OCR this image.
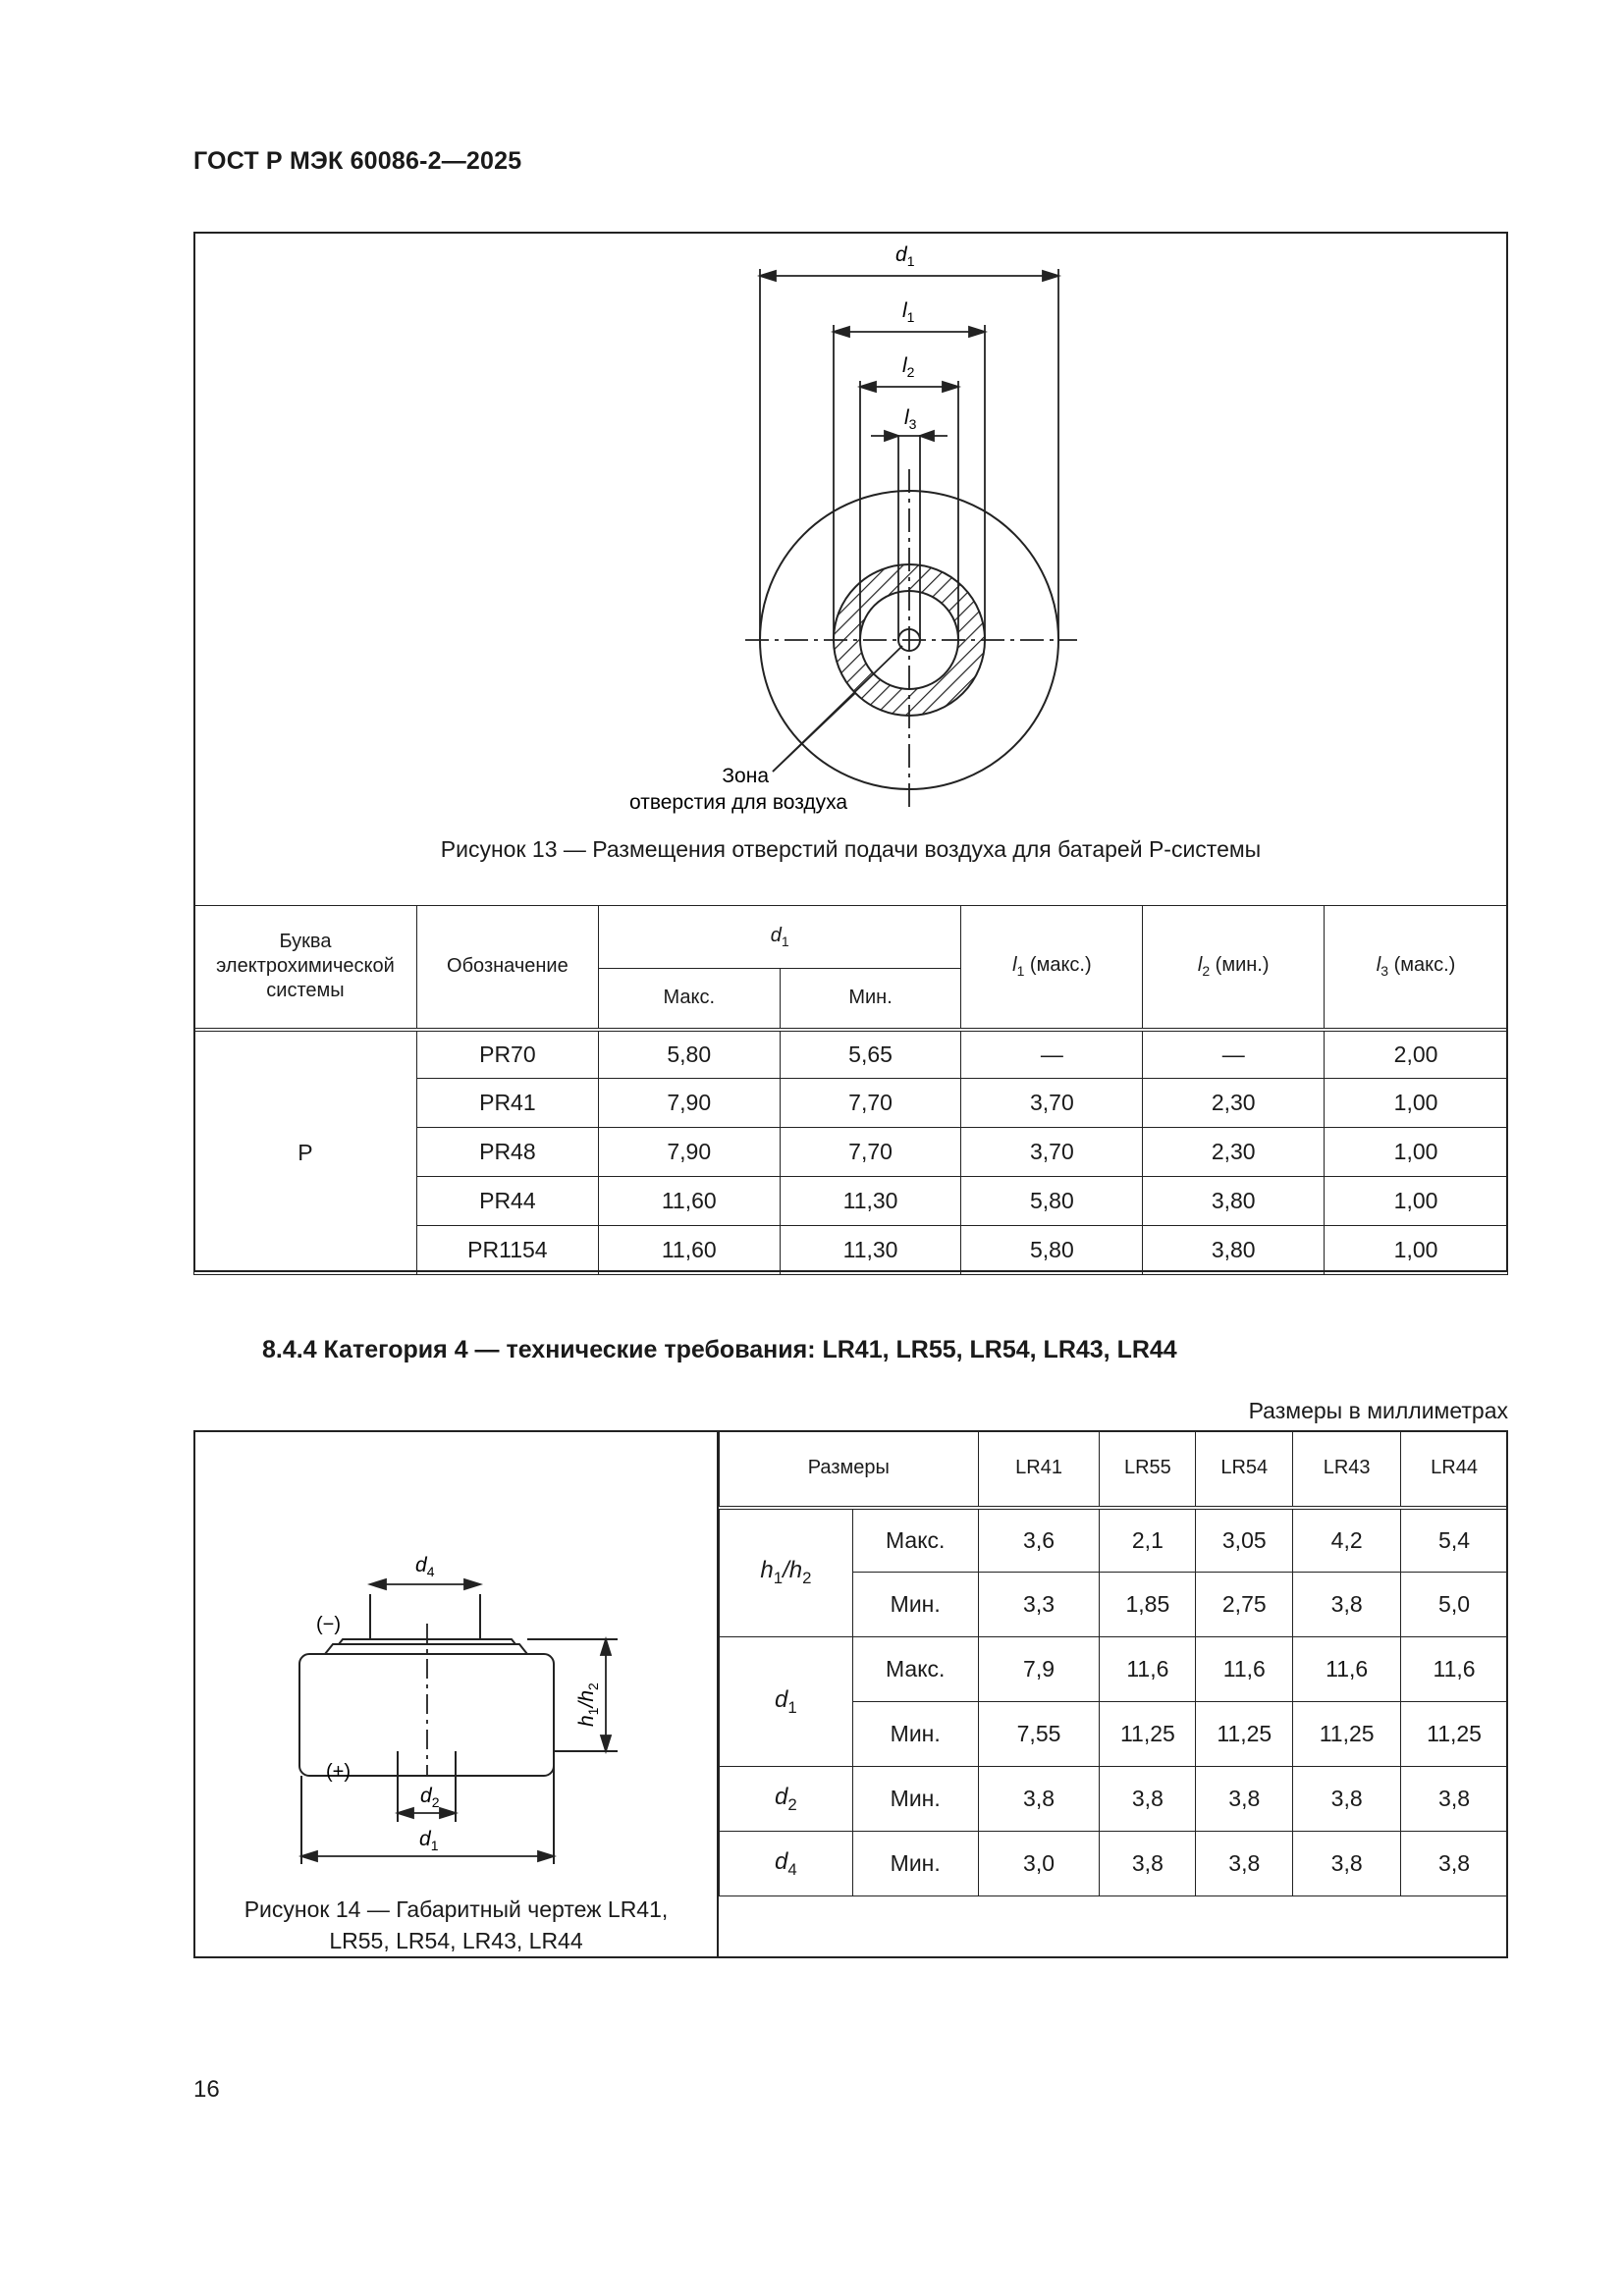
ГОСТ Р МЭК 60086-2—2025
$d_1$
$l_1$
$l_2$
$l_3$
Зона
отверстия для воздуха
Рисунок 13 — Размещения отверстий подачи воздуха для батарей Р-системы
Буква
электрохимической
системы	Обозначение	$d_1$		$l_1$ (макс.)	$l_2$ (мин.)	$l_3$ (макс.)
		Макс.	Мин.			
Р	PR70	5,80	5,65	—	—	2,00
	PR41	7,90	7,70	3,70	2,30	1,00
	PR48	7,90	7,70	3,70	2,30	1,00
	PR44	11,60	11,30	5,80	3,80	1,00
	PR1154	11,60	11,30	5,80	3,80	1,00
8.4.4 Категория 4 — технические требования: LR41, LR55, LR54, LR43, LR44
Размеры в миллиметрах
$d_4$
(−)
(+)
$d_2$
$d_1$
$h_1/h_2$
Рисунок 14 — Габаритный чертеж LR41,
LR55, LR54, LR43, LR44
Размеры		LR41	LR55	LR54	LR43	LR44
$h_1/h_2$	Макс.	3,6	2,1	3,05	4,2	5,4
	Мин.	3,3	1,85	2,75	3,8	5,0
$d_1$	Макс.	7,9	11,6	11,6	11,6	11,6
	Мин.	7,55	11,25	11,25	11,25	11,25
$d_2$	Мин.	3,8	3,8	3,8	3,8	3,8
$d_4$	Мин.	3,0	3,8	3,8	3,8	3,8

16
